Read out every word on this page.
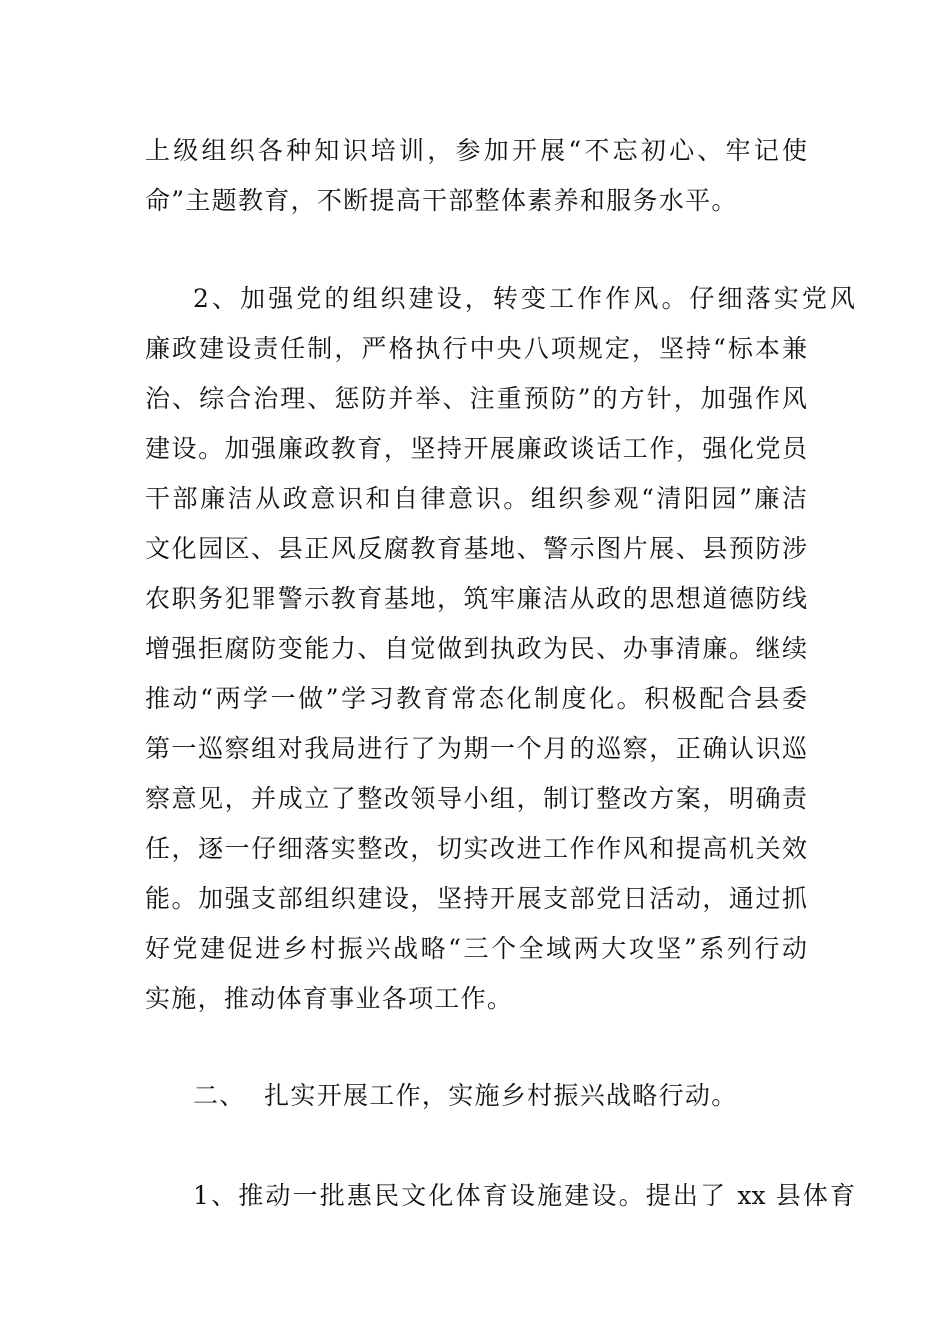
上级组织各种知识培训，参加开展“不忘初心、牢记使
命”主题教育，不断提高干部整体素养和服务水平。
2、加强党的组织建设，转变工作作风。仔细落实党风
廉政建设责任制，严格执行中央八项规定，坚持“标本兼
治、综合治理、惩防并举、注重预防”的方针，加强作风
建设。加强廉政教育，坚持开展廉政谈话工作，强化党员
干部廉洁从政意识和自律意识。组织参观“清阳园”廉洁
文化园区、县正风反腐教育基地、警示图片展、县预防涉
农职务犯罪警示教育基地，筑牢廉洁从政的思想道德防线
增强拒腐防变能力、自觉做到执政为民、办事清廉。继续
推动“两学一做”学习教育常态化制度化。积极配合县委
第一巡察组对我局进行了为期一个月的巡察，正确认识巡
察意见，并成立了整改领导小组，制订整改方案，明确责
任，逐一仔细落实整改，切实改进工作作风和提高机关效
能。加强支部组织建设，坚持开展支部党日活动，通过抓
好党建促进乡村振兴战略“三个全域两大攻坚”系列行动
实施，推动体育事业各项工作。
二、  扎实开展工作，实施乡村振兴战略行动。
1、推动一批惠民文化体育设施建设。提出了 xx 县体育
